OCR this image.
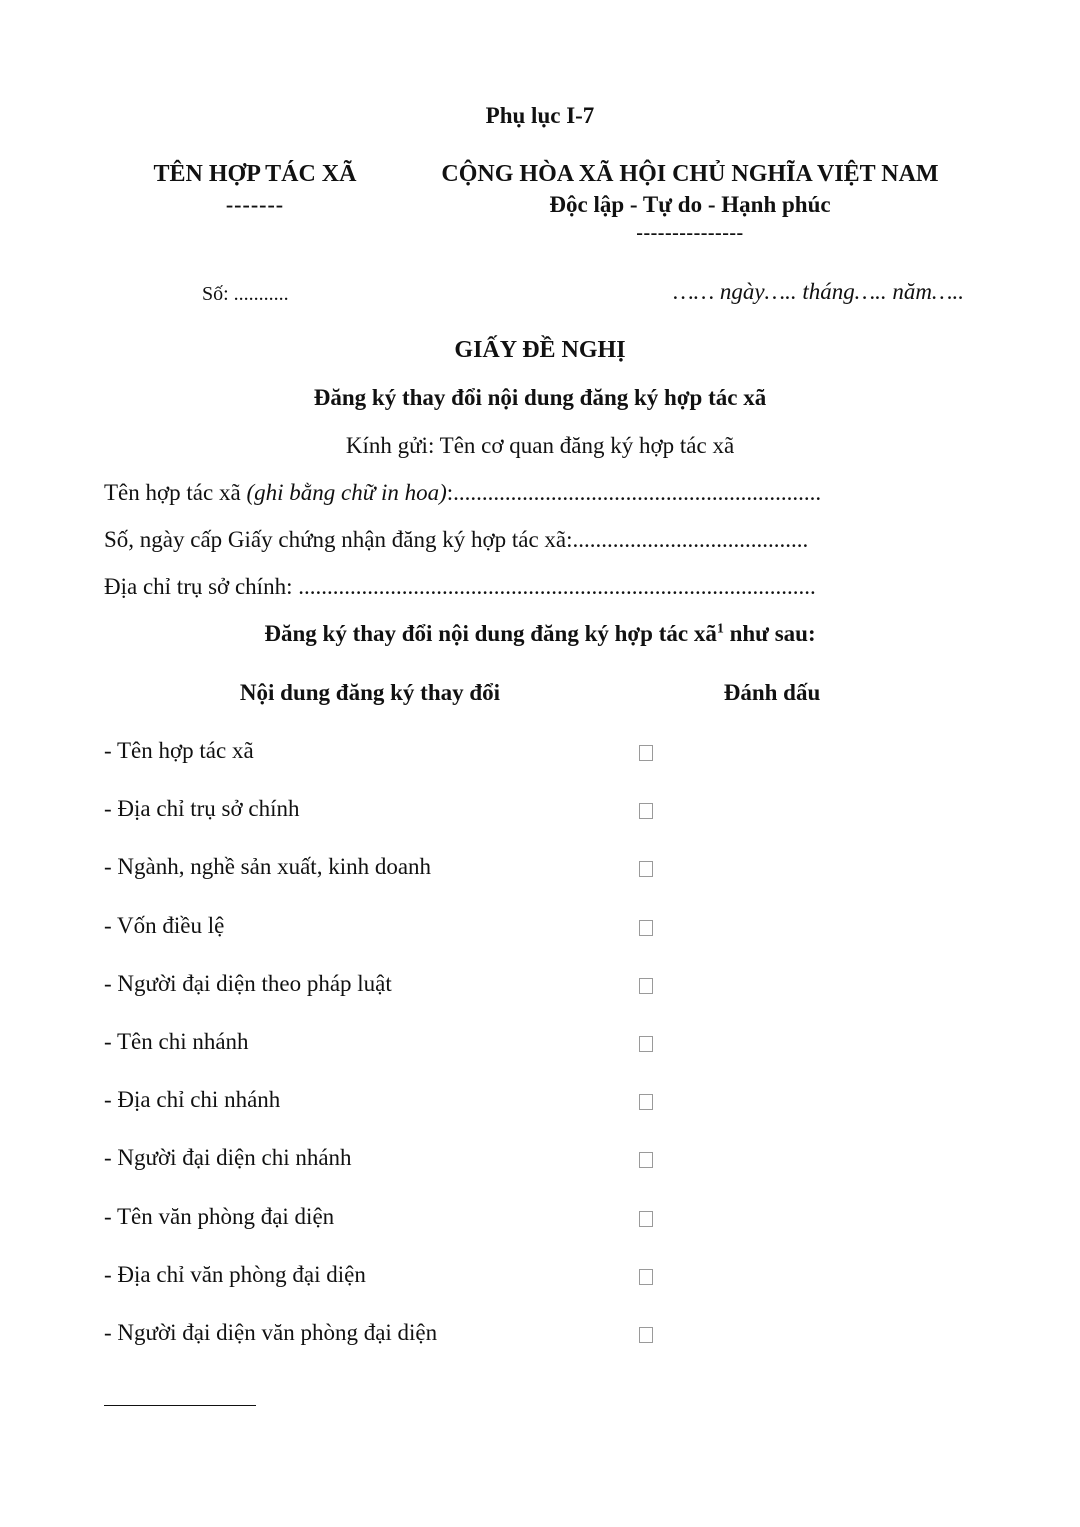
Phụ lục I-7
TÊN HỢP TÁC XÃ
-------
CỘNG HÒA XÃ HỘI CHỦ NGHĨA VIỆT NAM
Độc lập - Tự do - Hạnh phúc
---------------
Số: ...........	…… ngày….. tháng….. năm…..
GIẤY ĐỀ NGHỊ
Đăng ký thay đổi nội dung đăng ký hợp tác xã
Kính gửi: Tên cơ quan đăng ký hợp tác xã
Tên hợp tác xã (ghi bằng chữ in hoa):................................................................
Số, ngày cấp Giấy chứng nhận đăng ký hợp tác xã:.........................................
Địa chỉ trụ sở chính: ..........................................................................................
Đăng ký thay đổi nội dung đăng ký hợp tác $xã^1$ như sau:
Nội dung đăng ký thay đổi	Đánh dấu
- Tên hợp tác xã
- Địa chỉ trụ sở chính
- Ngành, nghề sản xuất, kinh doanh
- Vốn điều lệ
- Người đại diện theo pháp luật
- Tên chi nhánh
- Địa chỉ chi nhánh
- Người đại diện chi nhánh
- Tên văn phòng đại diện
- Địa chỉ văn phòng đại diện
- Người đại diện văn phòng đại diện
